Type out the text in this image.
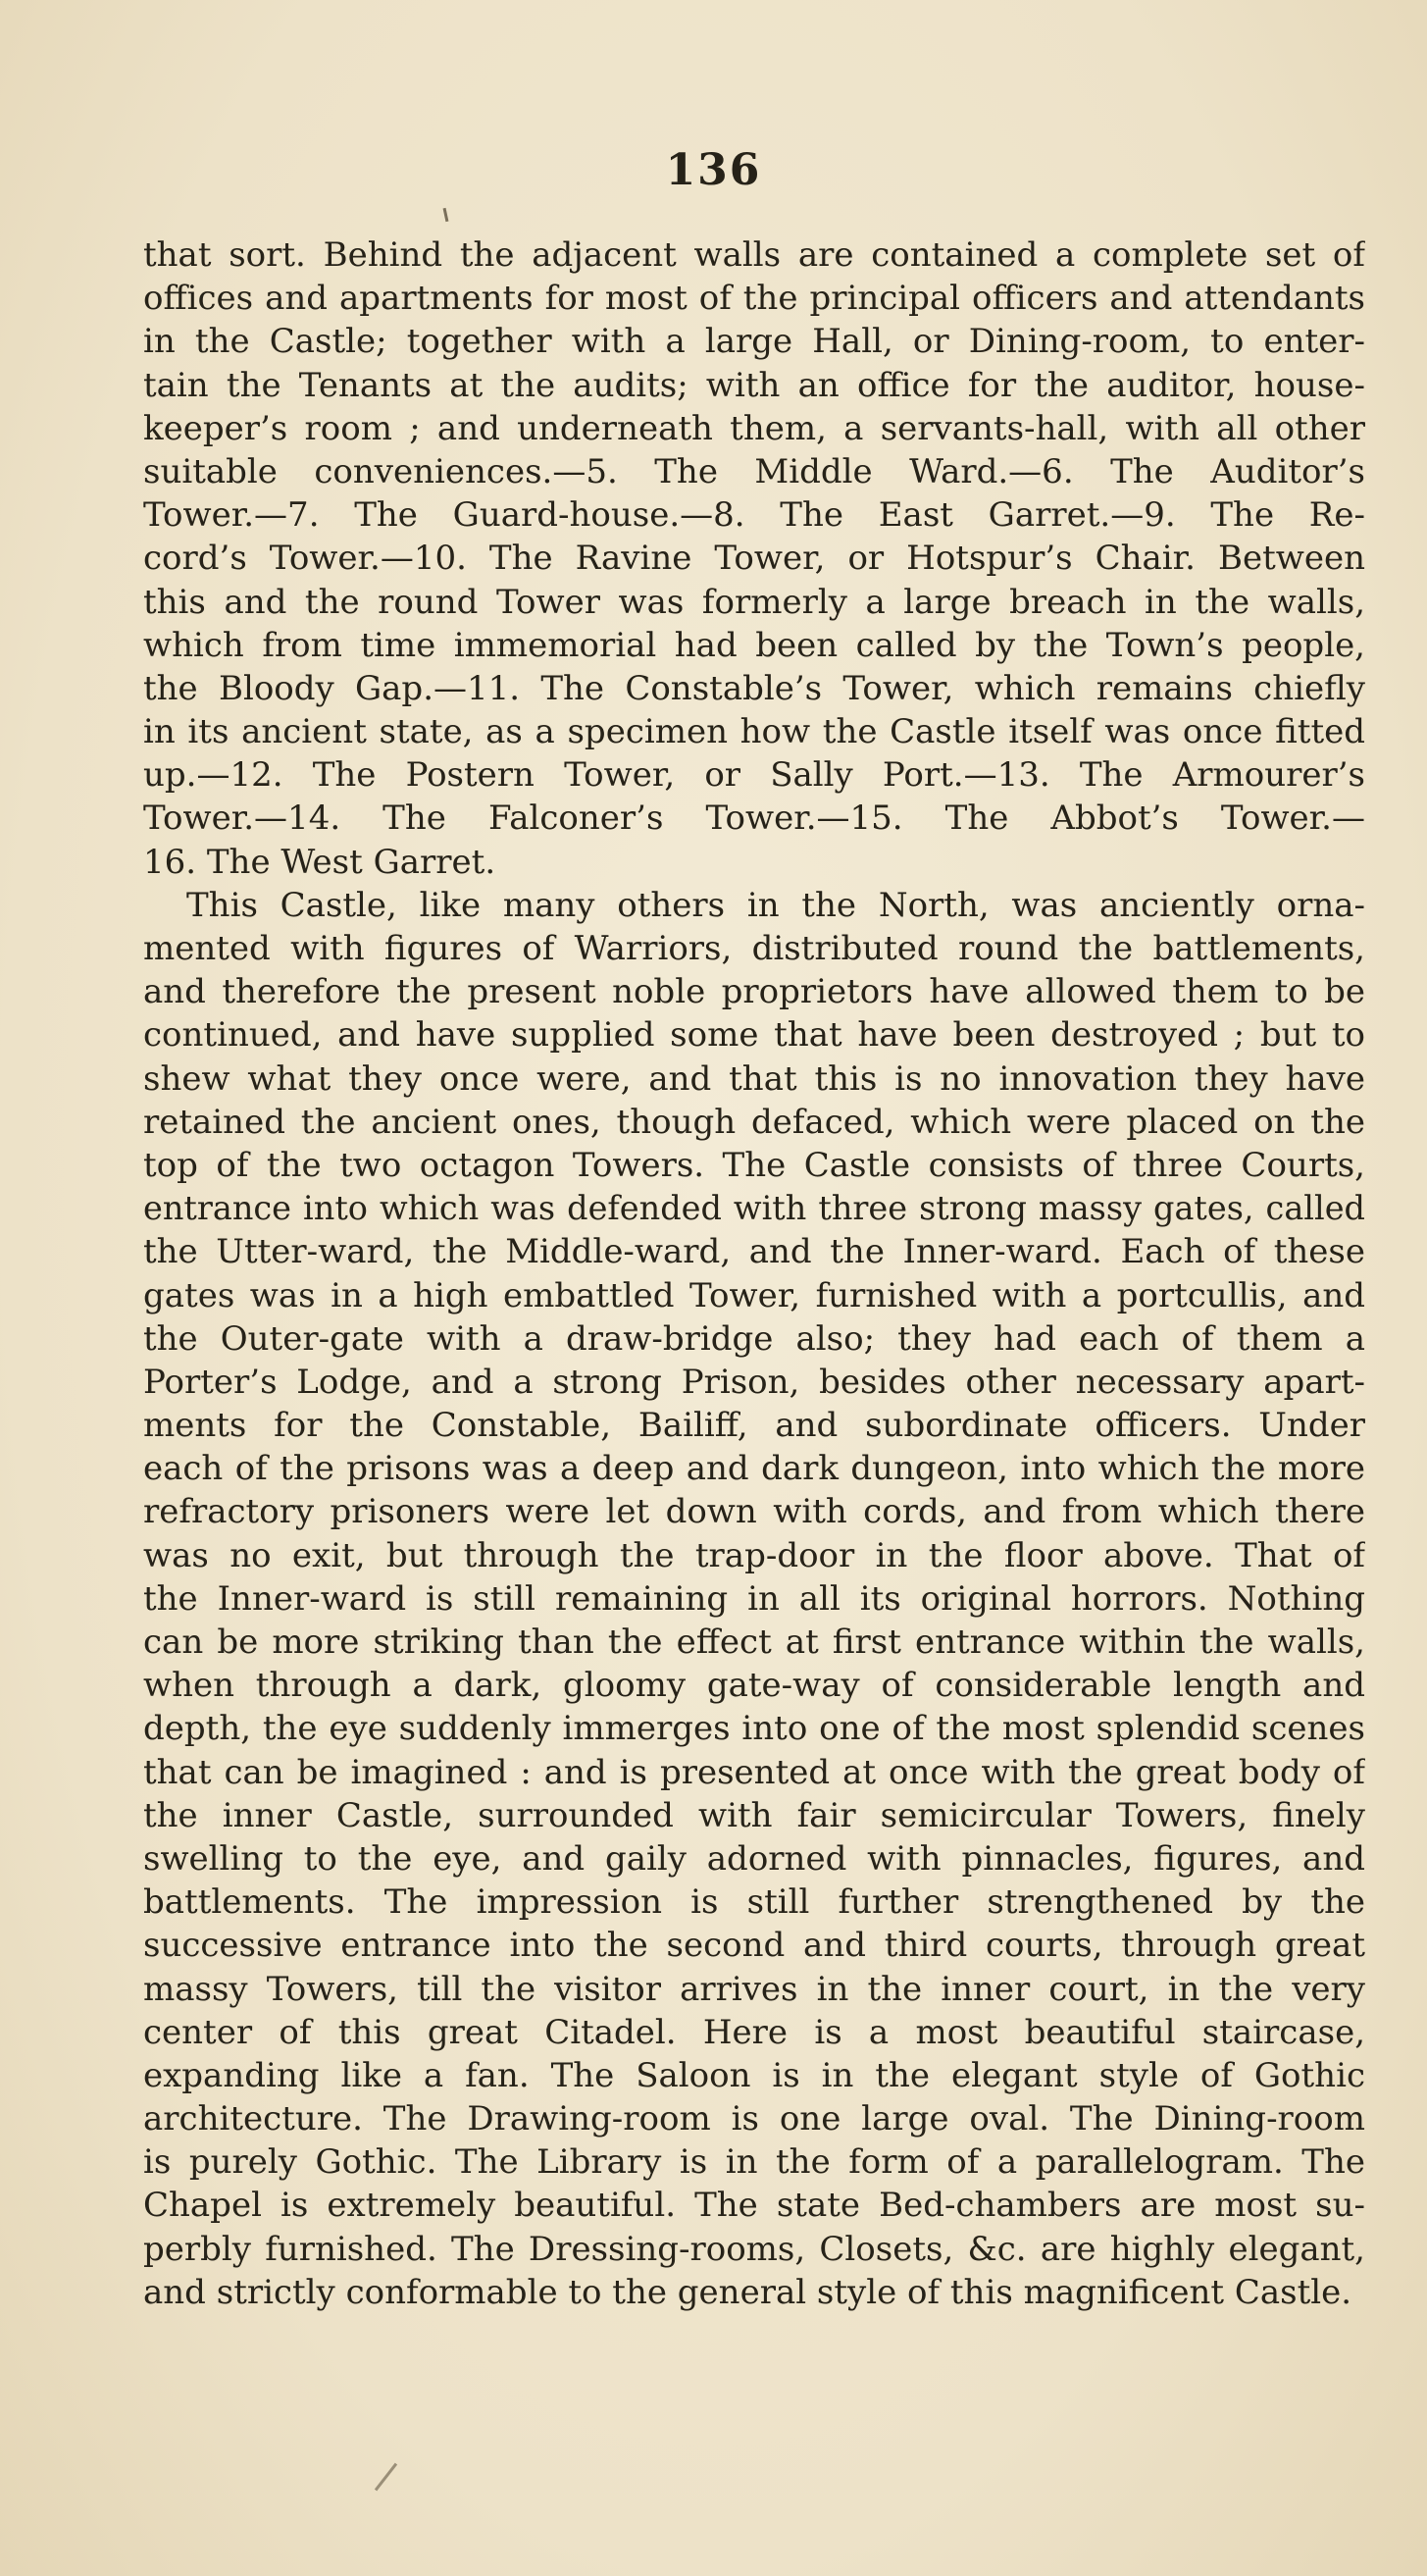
136
that sort. Behind the adjacent walls are contained a complete set of
offices and apartments for most of the principal officers and attendants
in the Castle; together with a large Hall, or Dining-room, to enter-
tain the Tenants at the audits; with an office for the auditor, house-
keeper’s room ; and underneath them, a servants-hall, with all other
suitable conveniences.—5. The Middle Ward.—6. The Auditor’s
Tower.—7. The Guard-house.—8. The East Garret.—9. The Re-
cord’s Tower.—10. The Ravine Tower, or Hotspur’s Chair. Between
this and the round Tower was formerly a large breach in the walls,
which from time immemorial had been called by the Town’s people,
the Bloody Gap.—11. The Constable’s Tower, which remains chiefly
in its ancient state, as a specimen how the Castle itself was once fitted
up.—12. The Postern Tower, or Sally Port.—13. The Armourer’s
Tower.—14. The Falconer’s Tower.—15. The Abbot’s Tower.—
16. The West Garret.
This Castle, like many others in the North, was anciently orna-
mented with figures of Warriors, distributed round the battlements,
and therefore the present noble proprietors have allowed them to be
continued, and have supplied some that have been destroyed ; but to
shew what they once were, and that this is no innovation they have
retained the ancient ones, though defaced, which were placed on the
top of the two octagon Towers. The Castle consists of three Courts,
entrance into which was defended with three strong massy gates, called
the Utter-ward, the Middle-ward, and the Inner-ward. Each of these
gates was in a high embattled Tower, furnished with a portcullis, and
the Outer-gate with a draw-bridge also; they had each of them a
Porter’s Lodge, and a strong Prison, besides other necessary apart-
ments for the Constable, Bailiff, and subordinate officers. Under
each of the prisons was a deep and dark dungeon, into which the more
refractory prisoners were let down with cords, and from which there
was no exit, but through the trap-door in the floor above. That of
the Inner-ward is still remaining in all its original horrors. Nothing
can be more striking than the effect at first entrance within the walls,
when through a dark, gloomy gate-way of considerable length and
depth, the eye suddenly immerges into one of the most splendid scenes
that can be imagined : and is presented at once with the great body of
the inner Castle, surrounded with fair semicircular Towers, finely
swelling to the eye, and gaily adorned with pinnacles, figures, and
battlements. The impression is still further strengthened by the
successive entrance into the second and third courts, through great
massy Towers, till the visitor arrives in the inner court, in the very
center of this great Citadel. Here is a most beautiful staircase,
expanding like a fan. The Saloon is in the elegant style of Gothic
architecture. The Drawing-room is one large oval. The Dining-room
is purely Gothic. The Library is in the form of a parallelogram. The
Chapel is extremely beautiful. The state Bed-chambers are most su-
perbly furnished. The Dressing-rooms, Closets, &c. are highly elegant,
and strictly conformable to the general style of this magnificent Castle.
